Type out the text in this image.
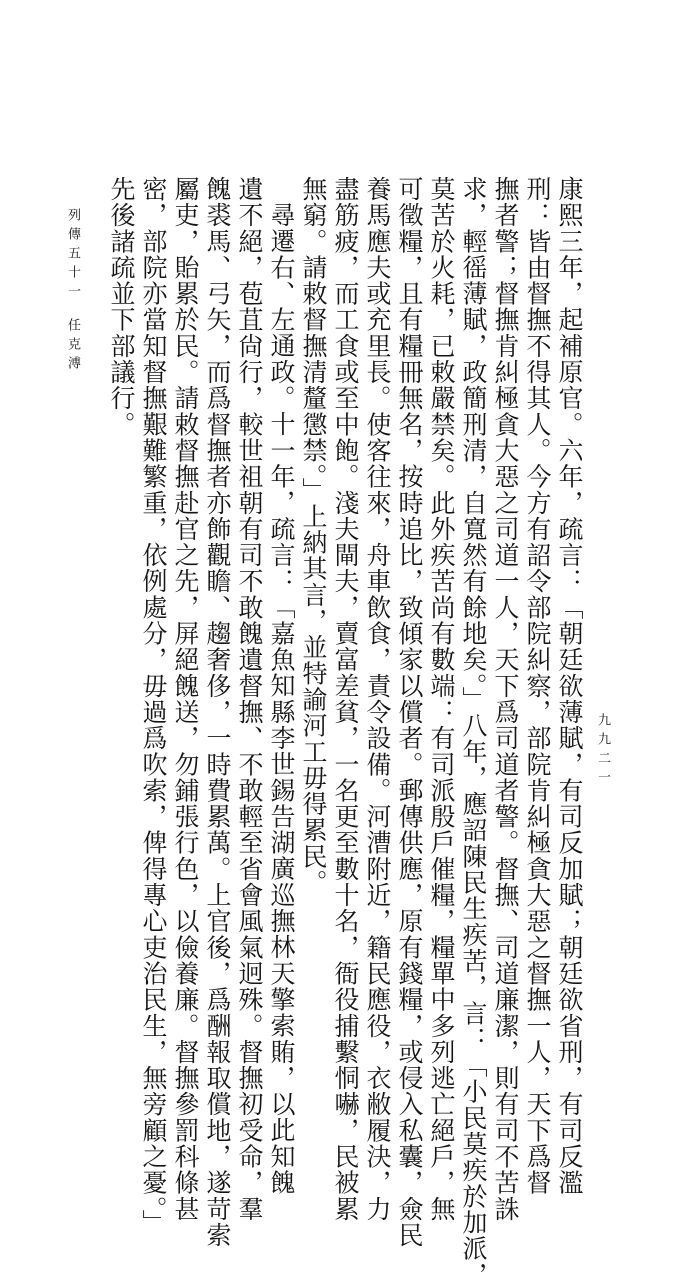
康熙三年，起補原官。六年，疏言：「朝廷欲薄賦，有司反加賦；朝廷欲省刑，有司反濫
刑：皆由督撫不得其人。今方有詔令部院糾察，部院肯糾極貪大惡之督撫一人，天下爲督
撫者警；督撫肯糾極貪大惡之司道一人，天下爲司道者警。督撫、司道廉潔，則有司不苦誅
求，輕徭薄賦，政簡刑清，自寬然有餘地矣。」八年，應詔陳民生疾苦，言：「小民莫疾於加派，
莫苦於火耗，已敕嚴禁矣。此外疾苦尚有數端：有司派殷戶催糧，糧單中多列逃亡絕戶，無
可徵糧，且有糧冊無名，按時追比，致傾家以償者。郵傳供應，原有錢糧，或侵入私囊，僉民
養馬應夫或充里長。使客往來，舟車飲食，責令設備。河漕附近，籍民應役，衣敝履決，力
盡筋疲，而工食或至中飽。淺夫閘夫，賣富差貧，一名更至數十名，衙役捕繫恫嚇，民被累
無窮。請敕督撫清釐懲禁。」上納其言，並特諭河工毋得累民。
尋遷右、左通政。十一年，疏言：「嘉魚知縣李世錫告湖廣巡撫林天擎索賄，以此知餽
遺不絕，苞苴尙行，較世祖朝有司不敢餽遺督撫、不敢輕至省會風氣迥殊。督撫初受命，羣
餽裘馬、弓矢，而爲督撫者亦飾觀瞻、趨奢侈，一時費累萬。上官後，爲酬報取償地，遂苛索
屬吏，貽累於民。請敕督撫赴官之先，屏絕餽送，勿鋪張行色，以儉養廉。督撫參罰科條甚
密，部院亦當知督撫艱難繁重，依例處分，毋過爲吹索，俾得專心吏治民生，無旁顧之憂。」
先後諸疏並下部議行。
列傳五十一
任克溥
九九二一
